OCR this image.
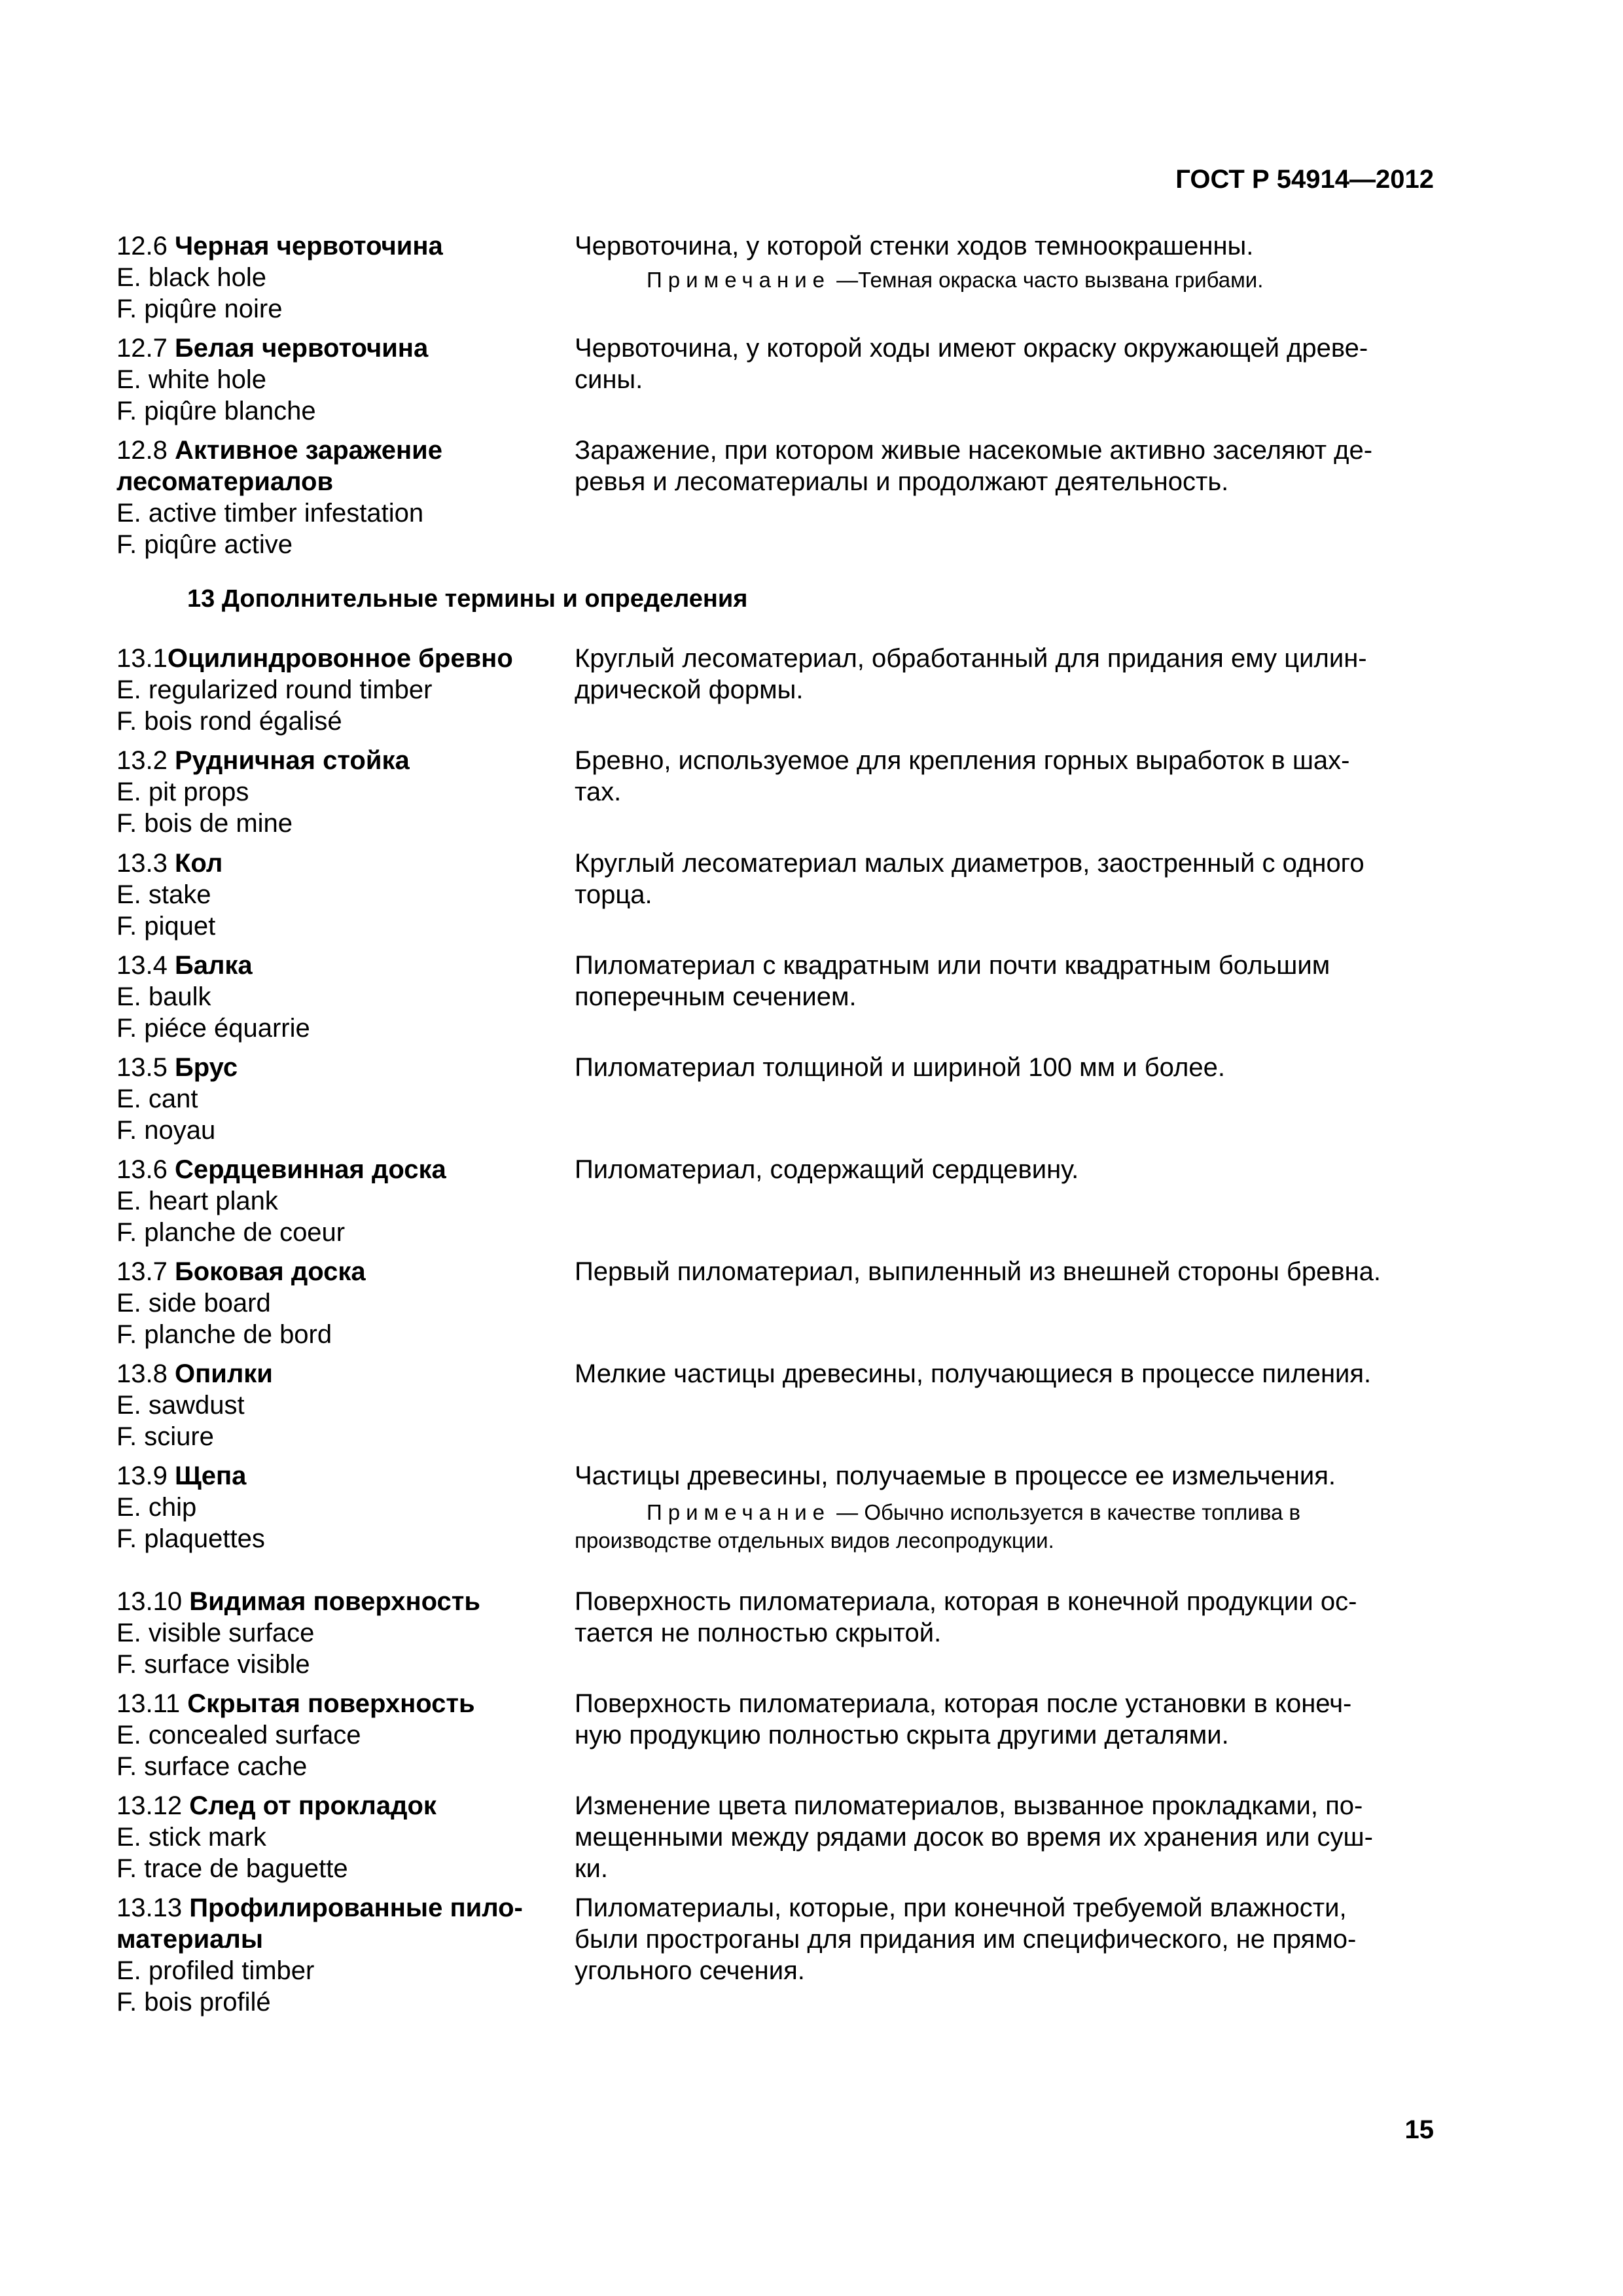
ГОСТ Р 54914—2012
12.6 Черная червоточина
E. black hole
F. piqûre noire
Червоточина, у которой стенки ходов темноокрашенны.
Примечание —Темная окраска часто вызвана грибами.
12.7 Белая червоточина
E. white hole
F. piqûre blanche
Червоточина, у которой ходы имеют окраску окружающей древе-
сины.
12.8 Активное заражение
лесоматериалов
E. active timber infestation
F. piqûre active
Заражение, при котором живые насекомые активно заселяют де-
ревья и лесоматериалы и продолжают деятельность.
13 Дополнительные термины и определения
13.1Оцилиндровонное бревно
E. regularized round timber
F. bois rond égalisé
Круглый лесоматериал, обработанный для придания ему цилин-
дрической формы.
13.2 Рудничная стойка
E. pit props
F. bois de mine
Бревно, используемое для крепления горных выработок в шах-
тах.
13.3 Кол
E. stake
F. piquet
Круглый лесоматериал малых диаметров, заостренный с одного
торца.
13.4 Балка
E. baulk
F. piéce équarrie
Пиломатериал с квадратным или почти квадратным большим
поперечным сечением.
13.5 Брус
E. cant
F. noyau
Пиломатериал толщиной и шириной 100 мм и более.
13.6 Сердцевинная доска
E. heart plank
F. planche de coeur
Пиломатериал, содержащий сердцевину.
13.7 Боковая доска
E. side board
F. planche de bord
Первый пиломатериал, выпиленный из внешней стороны бревна.
13.8 Опилки
E. sawdust
F. sciure
Мелкие частицы древесины, получающиеся в процессе пиления.
13.9 Щепа
E. chip
F. plaquettes
Частицы древесины, получаемые в процессе ее измельчения.
Примечание — Обычно используется в качестве топлива в
производстве отдельных видов лесопродукции.
13.10 Видимая поверхность
E. visible surface
F. surface visible
Поверхность пиломатериала, которая в конечной продукции ос-
тается не полностью скрытой.
13.11 Скрытая поверхность
E. concealed surface
F. surface cache
Поверхность пиломатериала, которая после установки в конеч-
ную продукцию полностью скрыта другими деталями.
13.12 След от прокладок
E. stick mark
F. trace de baguette
Изменение цвета пиломатериалов, вызванное прокладками, по-
мещенными между рядами досок во время их хранения или суш-
ки.
13.13 Профилированные пило-
материалы
E. profiled timber
F. bois profilé
Пиломатериалы, которые, при конечной требуемой влажности,
были прострoганы для придания им специфического, не прямо-
угольного сечения.
15
